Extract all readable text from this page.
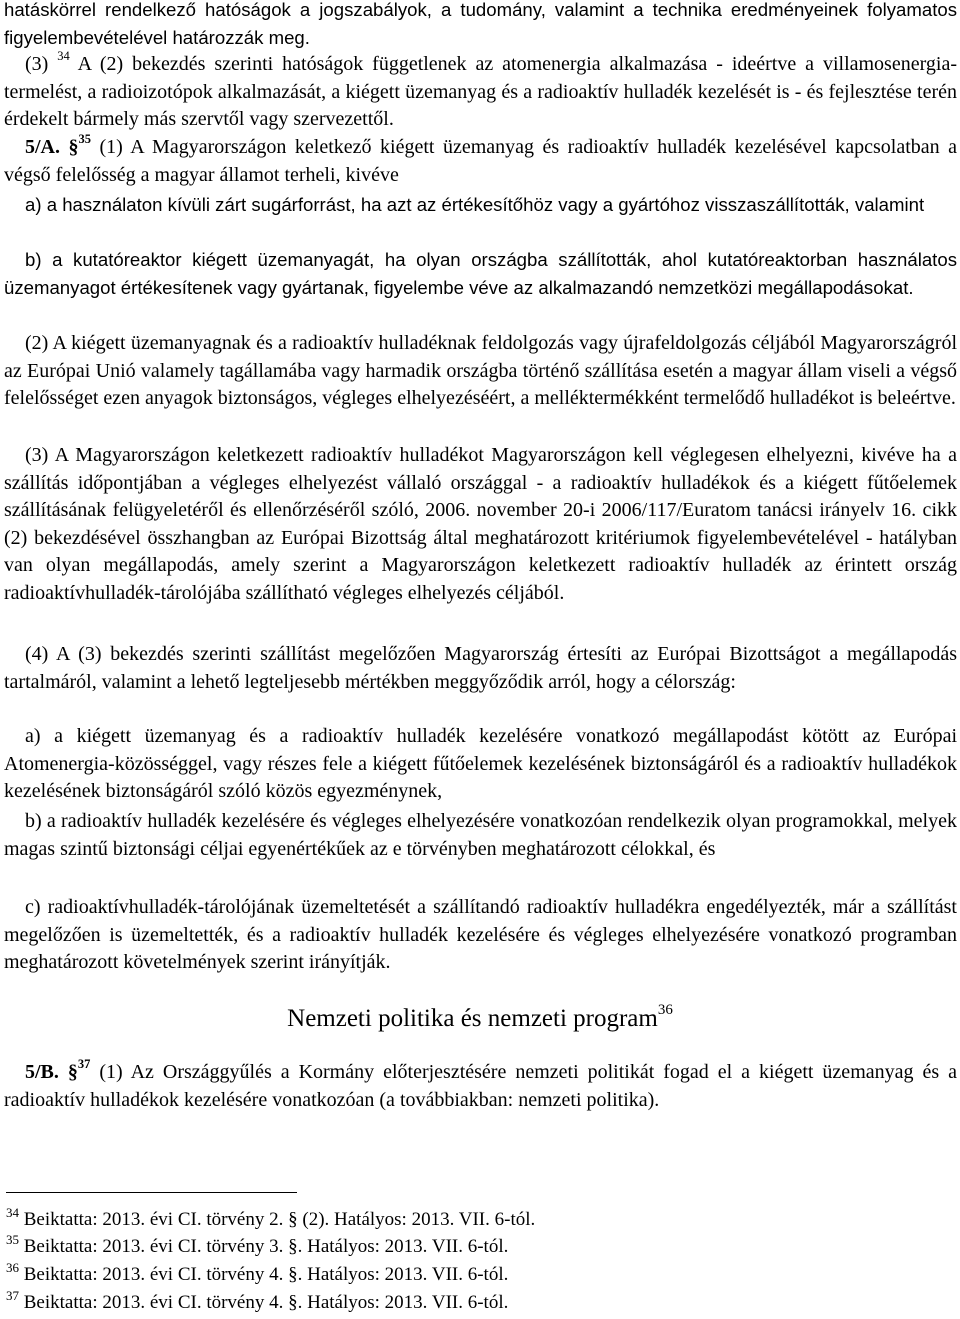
hatáskörrel rendelkező hatóságok a jogszabályok, a tudomány, valamint a technika eredményeinek folyamatos figyelembevételével határozzák meg.

(3) $^{34}$ A (2) bekezdés szerinti hatóságok függetlenek az atomenergia alkalmazása - ideértve a villamosenergia-termelést, a radioizotópok alkalmazását, a kiégett üzemanyag és a radioaktív hulladék kezelését is - és fejlesztése terén érdekelt bármely más szervtől vagy szervezettől.

5/A. §$^{35}$ (1) A Magyarországon keletkező kiégett üzemanyag és radioaktív hulladék kezelésével kapcsolatban a végső felelősség a magyar államot terheli, kivéve

a) a használaton kívüli zárt sugárforrást, ha azt az értékesítőhöz vagy a gyártóhoz visszaszállították, valamint

b) a kutatóreaktor kiégett üzemanyagát, ha olyan országba szállították, ahol kutatóreaktorban használatos üzemanyagot értékesítenek vagy gyártanak, figyelembe véve az alkalmazandó nemzetközi megállapodásokat.

(2) A kiégett üzemanyagnak és a radioaktív hulladéknak feldolgozás vagy újrafeldolgozás céljából Magyarországról az Európai Unió valamely tagállamába vagy harmadik országba történő szállítása esetén a magyar állam viseli a végső felelősséget ezen anyagok biztonságos, végleges elhelyezéséért, a melléktermékként termelődő hulladékot is beleértve.

(3) A Magyarországon keletkezett radioaktív hulladékot Magyarországon kell véglegesen elhelyezni, kivéve ha a szállítás időpontjában a végleges elhelyezést vállaló országgal - a radioaktív hulladékok és a kiégett fűtőelemek szállításának felügyeletéről és ellenőrzéséről szóló, 2006. november 20-i 2006/117/Euratom tanácsi irányelv 16. cikk (2) bekezdésével összhangban az Európai Bizottság által meghatározott kritériumok figyelembevételével - hatályban van olyan megállapodás, amely szerint a Magyarországon keletkezett radioaktív hulladék az érintett ország radioaktívhulladék-tárolójába szállítható végleges elhelyezés céljából.

(4) A (3) bekezdés szerinti szállítást megelőzően Magyarország értesíti az Európai Bizottságot a megállapodás tartalmáról, valamint a lehető legteljesebb mértékben meggyőződik arról, hogy a célország:

a) a kiégett üzemanyag és a radioaktív hulladék kezelésére vonatkozó megállapodást kötött az Európai Atomenergia-közösséggel, vagy részes fele a kiégett fűtőelemek kezelésének biztonságáról és a radioaktív hulladékok kezelésének biztonságáról szóló közös egyezménynek,

b) a radioaktív hulladék kezelésére és végleges elhelyezésére vonatkozóan rendelkezik olyan programokkal, melyek magas szintű biztonsági céljai egyenértékűek az e törvényben meghatározott célokkal, és

c) radioaktívhulladék-tárolójának üzemeltetését a szállítandó radioaktív hulladékra engedélyezték, már a szállítást megelőzően is üzemeltették, és a radioaktív hulladék kezelésére és végleges elhelyezésére vonatkozó programban meghatározott követelmények szerint irányítják.

Nemzeti politika és nemzeti program$^{36}$

5/B. §$^{37}$ (1) Az Országgyűlés a Kormány előterjesztésére nemzeti politikát fogad el a kiégett üzemanyag és a radioaktív hulladékok kezelésére vonatkozóan (a továbbiakban: nemzeti politika).

$^{34}$ Beiktatta: 2013. évi CI. törvény 2. § (2). Hatályos: 2013. VII. 6-tól.

$^{35}$ Beiktatta: 2013. évi CI. törvény 3. §. Hatályos: 2013. VII. 6-tól.

$^{36}$ Beiktatta: 2013. évi CI. törvény 4. §. Hatályos: 2013. VII. 6-tól.

$^{37}$ Beiktatta: 2013. évi CI. törvény 4. §. Hatályos: 2013. VII. 6-tól.
